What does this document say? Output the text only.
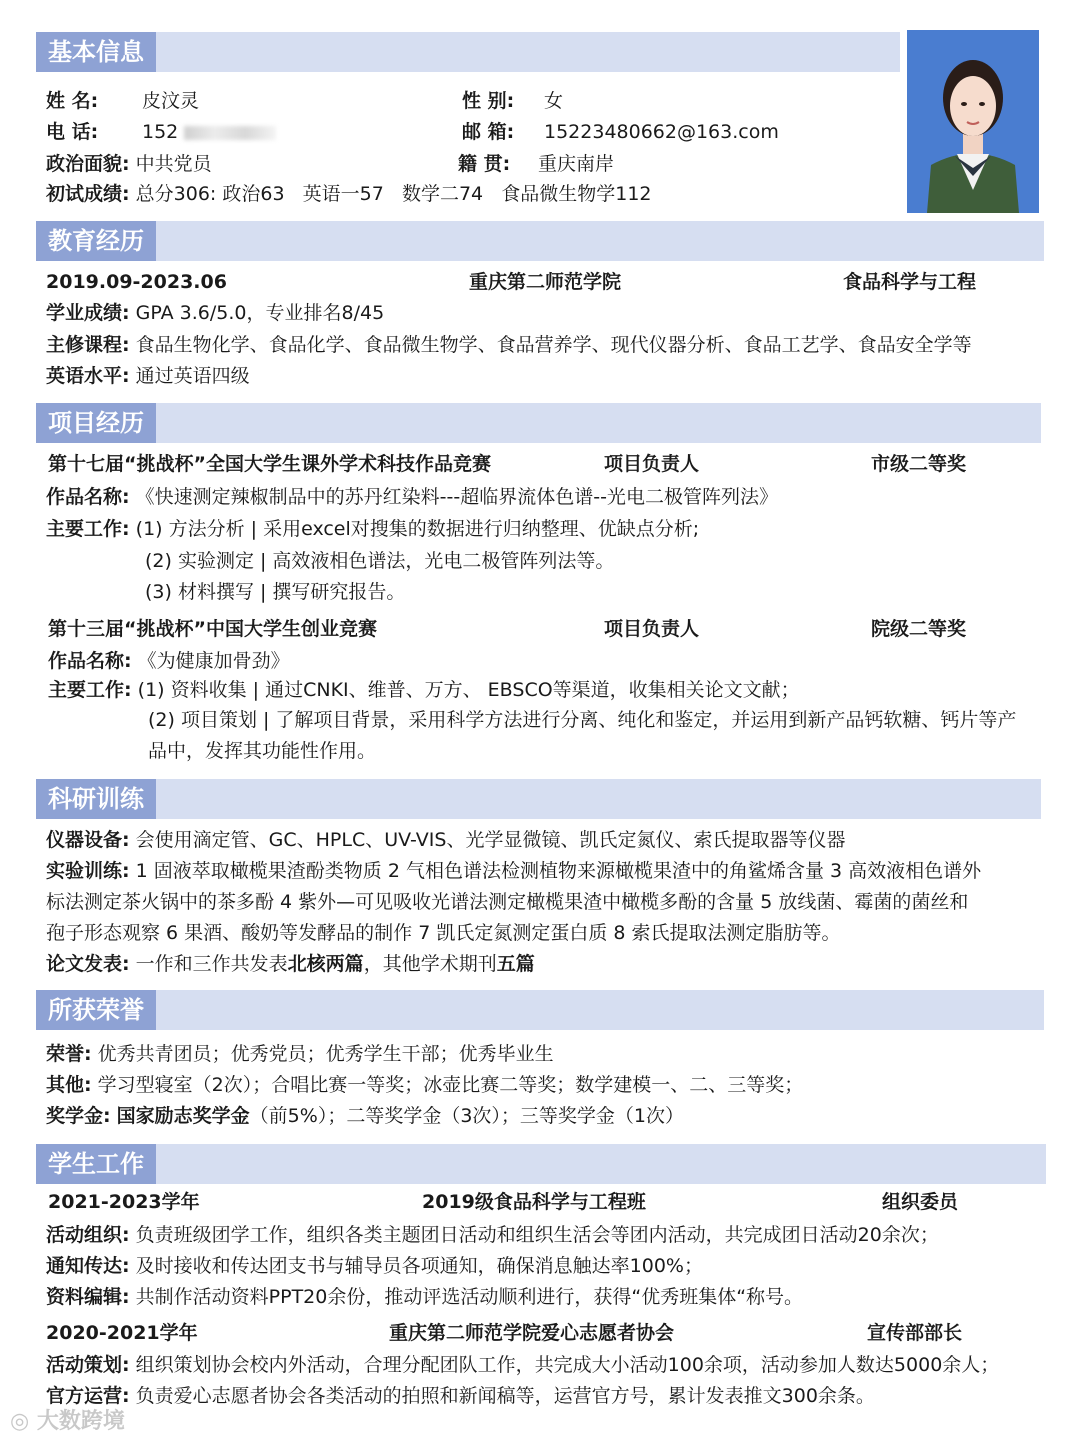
基本信息
姓 名: 皮汶灵	性 别: 女
电 话: 152	邮 箱: 15223480662@163.com
政治面貌: 中共党员	籍 贯: 重庆南岸
初试成绩: 总分306: 政治63   英语一57   数学二74   食品微生物学112
教育经历
2019.09-2023.06	重庆第二师范学院	食品科学与工程
学业成绩: GPA 3.6/5.0，专业排名8/45
主修课程: 食品生物化学、食品化学、食品微生物学、食品营养学、现代仪器分析、食品工艺学、食品安全学等
英语水平: 通过英语四级
项目经历
第十七届“挑战杯”全国大学生课外学术科技作品竞赛	项目负责人	市级二等奖
作品名称: 《快速测定辣椒制品中的苏丹红染料---超临界流体色谱--光电二极管阵列法》
主要工作: (1) 方法分析 | 采用excel对搜集的数据进行归纳整理、优缺点分析;
(2) 实验测定 | 高效液相色谱法，光电二极管阵列法等。
(3) 材料撰写 | 撰写研究报告。
第十三届“挑战杯”中国大学生创业竞赛	项目负责人	院级二等奖
作品名称: 《为健康加骨劲》
主要工作: (1) 资料收集 | 通过CNKI、维普、万方、 EBSCO等渠道，收集相关论文文献；
(2) 项目策划 | 了解项目背景，采用科学方法进行分离、纯化和鉴定，并运用到新产品钙软糖、钙片等产
品中，发挥其功能性作用。
科研训练
仪器设备: 会使用滴定管、GC、HPLC、UV-VIS、光学显微镜、凯氏定氮仪、索氏提取器等仪器
实验训练: 1 固液萃取橄榄果渣酚类物质 2 气相色谱法检测植物来源橄榄果渣中的角鲨烯含量 3 高效液相色谱外
标法测定茶火锅中的茶多酚 4 紫外—可见吸收光谱法测定橄榄果渣中橄榄多酚的含量 5 放线菌、霉菌的菌丝和
孢子形态观察 6 果酒、酸奶等发酵品的制作 7 凯氏定氮测定蛋白质 8 索氏提取法测定脂肪等。
论文发表: 一作和三作共发表北核两篇，其他学术期刊五篇
所获荣誉
荣誉: 优秀共青团员；优秀党员；优秀学生干部；优秀毕业生
其他: 学习型寝室（2次）；合唱比赛一等奖；冰壶比赛二等奖；数学建模一、二、三等奖；
奖学金: 国家励志奖学金（前5%）；二等奖学金（3次）；三等奖学金（1次）
学生工作
2021-2023学年	2019级食品科学与工程班	组织委员
活动组织: 负责班级团学工作，组织各类主题团日活动和组织生活会等团内活动，共完成团日活动20余次；
通知传达: 及时接收和传达团支书与辅导员各项通知，确保消息触达率100%；
资料编辑: 共制作活动资料PPT20余份，推动评选活动顺利进行，获得“优秀班集体“称号。
2020-2021学年	重庆第二师范学院爱心志愿者协会	宣传部部长
活动策划: 组织策划协会校内外活动，合理分配团队工作，共完成大小活动100余项，活动参加人数达5000余人；
官方运营: 负责爱心志愿者协会各类活动的拍照和新闻稿等，运营官方号，累计发表推文300余条。
◎ 大数跨境
